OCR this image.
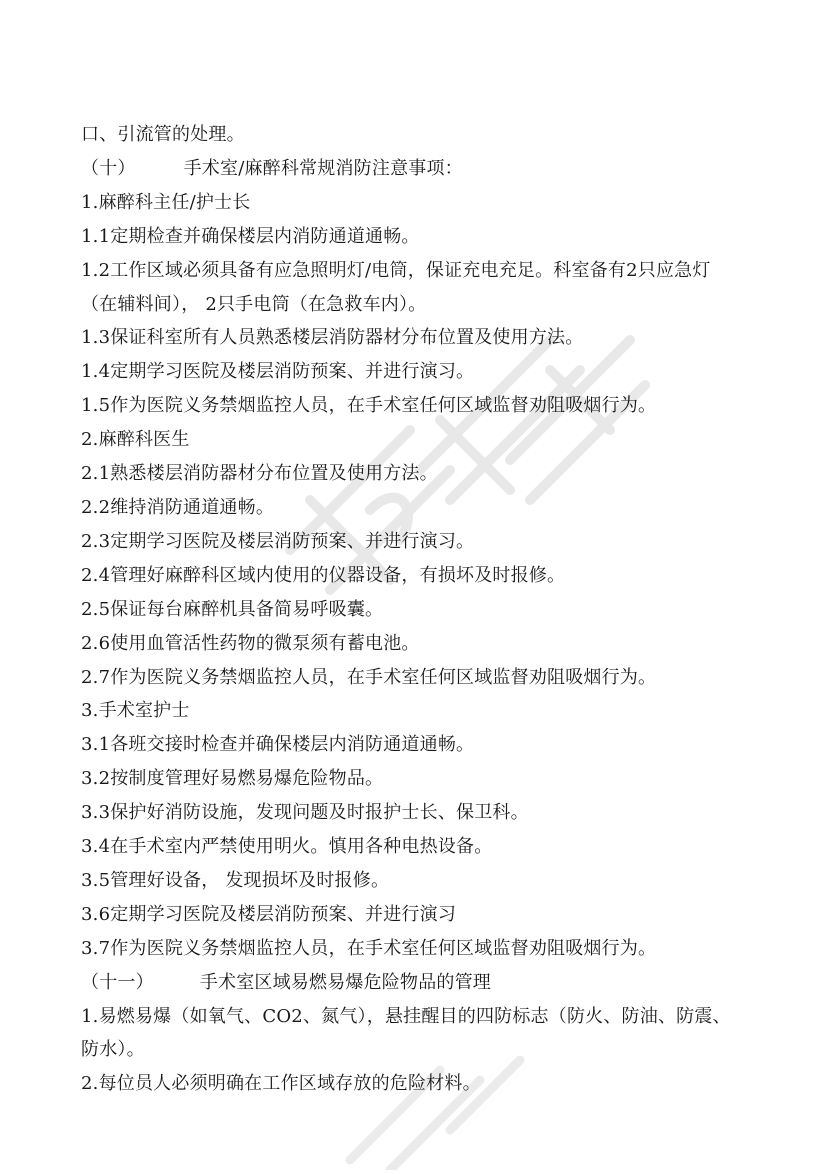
口、引流管的处理。
（十）	手术室/麻醉科常规消防注意事项：
1.麻醉科主任/护士长
1.1定期检查并确保楼层内消防通道通畅。
1.2工作区域必须具备有应急照明灯/电筒，保证充电充足。科室备有2只应急灯
（在辅料间）， 2只手电筒（在急救车内）。
1.3保证科室所有人员熟悉楼层消防器材分布位置及使用方法。
1.4定期学习医院及楼层消防预案、并进行演习。
1.5作为医院义务禁烟监控人员，在手术室任何区域监督劝阻吸烟行为。
2.麻醉科医生
2.1熟悉楼层消防器材分布位置及使用方法。
2.2维持消防通道通畅。
2.3定期学习医院及楼层消防预案、并进行演习。
2.4管理好麻醉科区域内使用的仪器设备，有损坏及时报修。
2.5保证每台麻醉机具备简易呼吸囊。
2.6使用血管活性药物的微泵须有蓄电池。
2.7作为医院义务禁烟监控人员，在手术室任何区域监督劝阻吸烟行为。
3.手术室护士
3.1各班交接时检查并确保楼层内消防通道通畅。
3.2按制度管理好易燃易爆危险物品。
3.3保护好消防设施，发现问题及时报护士长、保卫科。
3.4在手术室内严禁使用明火。慎用各种电热设备。
3.5管理好设备， 发现损坏及时报修。
3.6定期学习医院及楼层消防预案、并进行演习
3.7作为医院义务禁烟监控人员，在手术室任何区域监督劝阻吸烟行为。
（十一）	手术室区域易燃易爆危险物品的管理
1.易燃易爆（如氧气、CO2、氮气），悬挂醒目的四防标志（防火、防油、防震、
防水）。
2.每位员人必须明确在工作区域存放的危险材料。
